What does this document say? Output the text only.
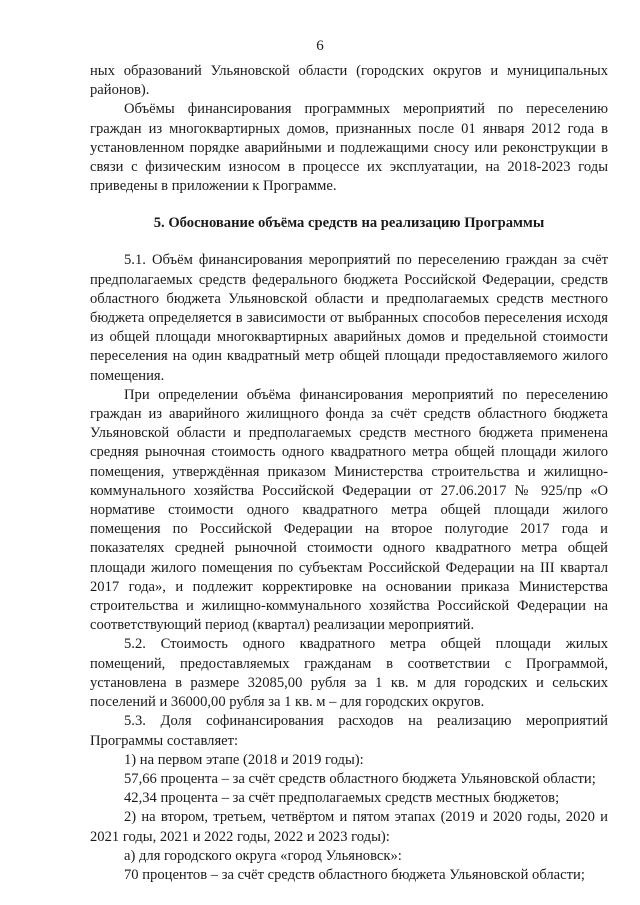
6

ных образований Ульяновской области (городских округов и муниципальных районов).

Объёмы финансирования программных мероприятий по переселению граждан из многоквартирных домов, признанных после 01 января 2012 года в установленном порядке аварийными и подлежащими сносу или реконструкции в связи с физическим износом в процессе их эксплуатации, на 2018-2023 годы приведены в приложении к Программе.

5. Обоснование объёма средств на реализацию Программы

5.1. Объём финансирования мероприятий по переселению граждан за счёт предполагаемых средств федерального бюджета Российской Федерации, средств областного бюджета Ульяновской области и предполагаемых средств местного бюджета определяется в зависимости от выбранных способов переселения исходя из общей площади многоквартирных аварийных домов и предельной стоимости переселения на один квадратный метр общей площади предоставляемого жилого помещения.

При определении объёма финансирования мероприятий по переселению граждан из аварийного жилищного фонда за счёт средств областного бюджета Ульяновской области и предполагаемых средств местного бюджета применена средняя рыночная стоимость одного квадратного метра общей площади жилого помещения, утверждённая приказом Министерства строительства и жилищно-коммунального хозяйства Российской Федерации от 27.06.2017 № 925/пр «О нормативе стоимости одного квадратного метра общей площади жилого помещения по Российской Федерации на второе полугодие 2017 года и показателях средней рыночной стоимости одного квадратного метра общей площади жилого помещения по субъектам Российской Федерации на III квартал 2017 года», и подлежит корректировке на основании приказа Министерства строительства и жилищно-коммунального хозяйства Российской Федерации на соответствующий период (квартал) реализации мероприятий.

5.2. Стоимость одного квадратного метра общей площади жилых помещений, предоставляемых гражданам в соответствии с Программой, установлена в размере 32085,00 рубля за 1 кв. м для городских и сельских поселений и 36000,00 рубля за 1 кв. м – для городских округов.

5.3. Доля софинансирования расходов на реализацию мероприятий Программы составляет:

1) на первом этапе (2018 и 2019 годы):

57,66 процента – за счёт средств областного бюджета Ульяновской области;

42,34 процента – за счёт предполагаемых средств местных бюджетов;

2) на втором, третьем, четвёртом и пятом этапах (2019 и 2020 годы, 2020 и 2021 годы, 2021 и 2022 годы, 2022 и 2023 годы):

а) для городского округа «город Ульяновск»:

70 процентов – за счёт средств областного бюджета Ульяновской области;
